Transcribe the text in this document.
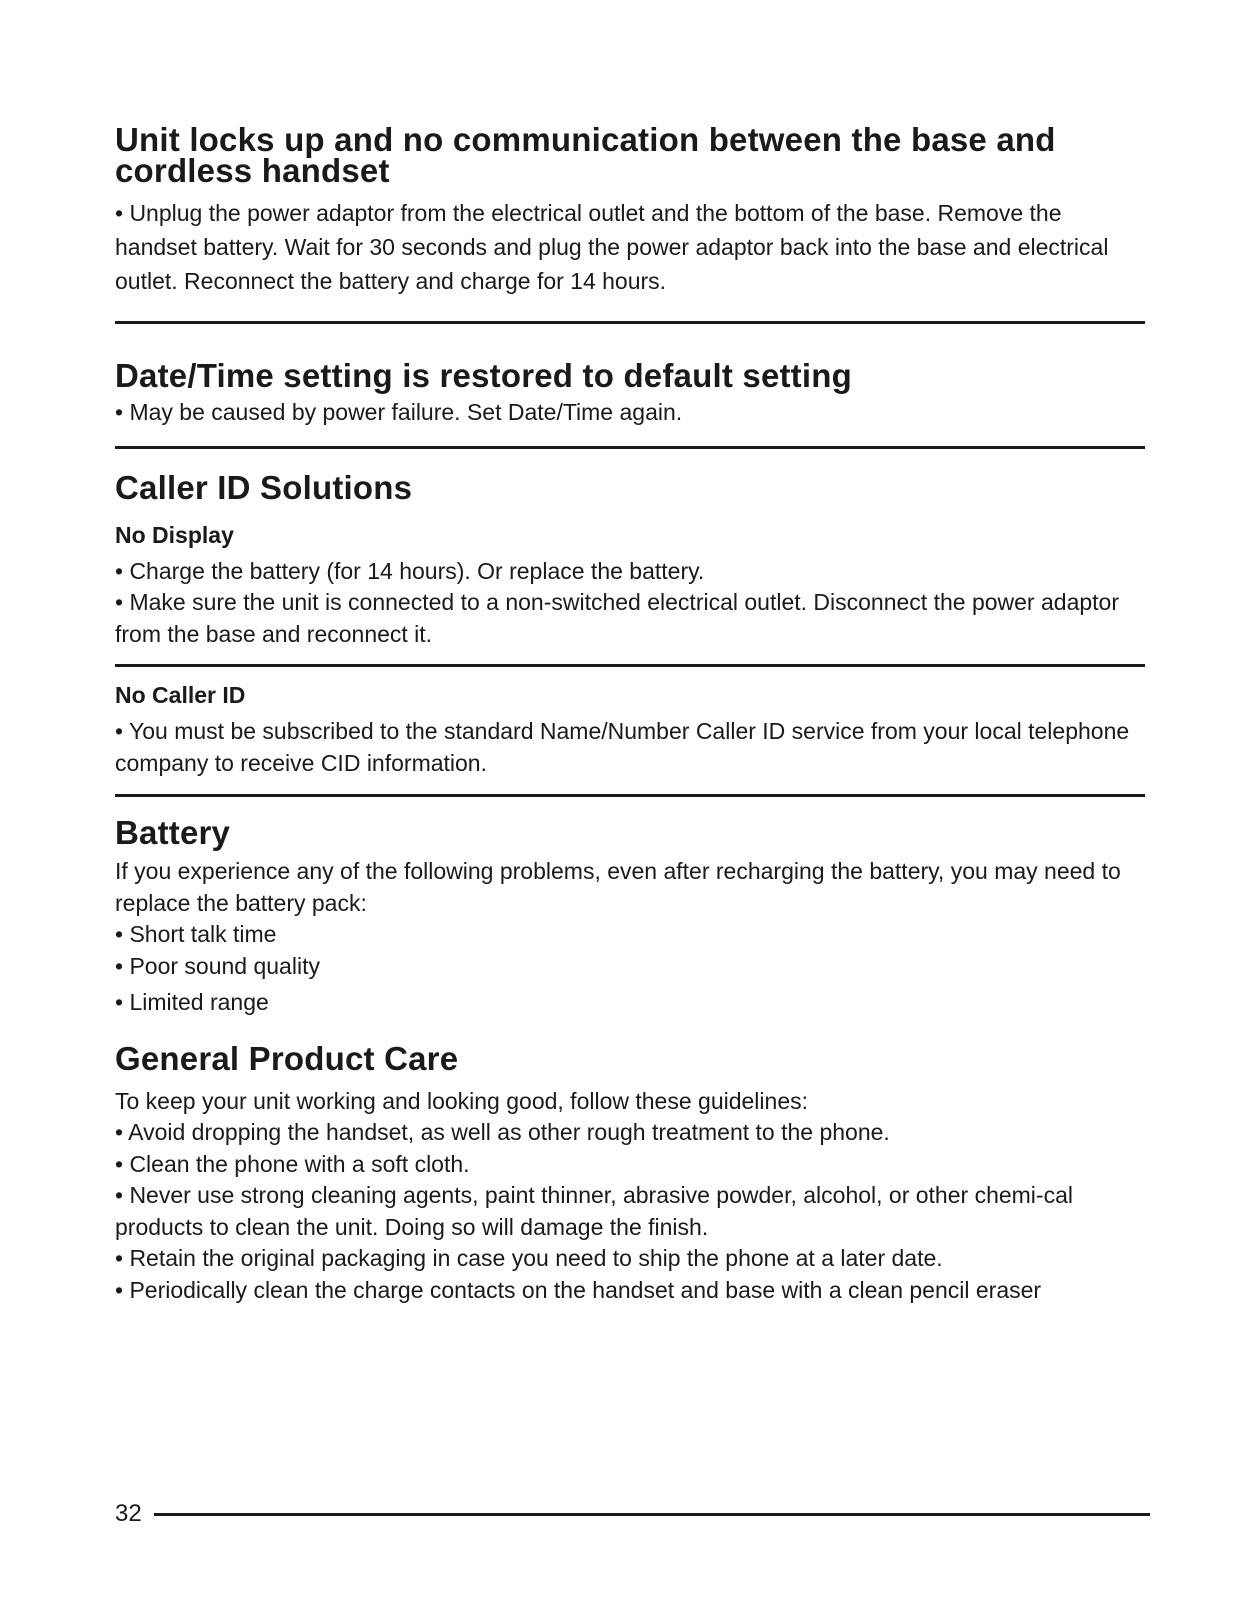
Unit locks up and no communication between the base and cordless handset

• Unplug the power adaptor from the electrical outlet and the bottom of the base. Remove the handset battery. Wait for 30 seconds and plug the power adaptor back into the base and electrical outlet. Reconnect the battery and charge for 14 hours.

Date/Time setting is restored to default setting

• May be caused by power failure. Set Date/Time again.

Caller ID Solutions
No Display

• Charge the battery (for 14 hours). Or replace the battery.

• Make sure the unit is connected to a non-switched electrical outlet. Disconnect the power adaptor from the base and reconnect it.

No Caller ID

• You must be subscribed to the standard Name/Number Caller ID service from your local telephone company to receive CID information.

Battery

If you experience any of the following problems, even after recharging the battery, you may need to replace the battery pack:

• Short talk time

• Poor sound quality

• Limited range

General Product Care

To keep your unit working and looking good, follow these guidelines:

• Avoid dropping the handset, as well as other rough treatment to the phone.

• Clean the phone with a soft cloth.

• Never use strong cleaning agents, paint thinner, abrasive powder, alcohol, or other chemi-cal products to clean the unit. Doing so will damage the finish.

• Retain the original packaging in case you need to ship the phone at a later date.

• Periodically clean the charge contacts on the handset and base with a clean pencil eraser

32
